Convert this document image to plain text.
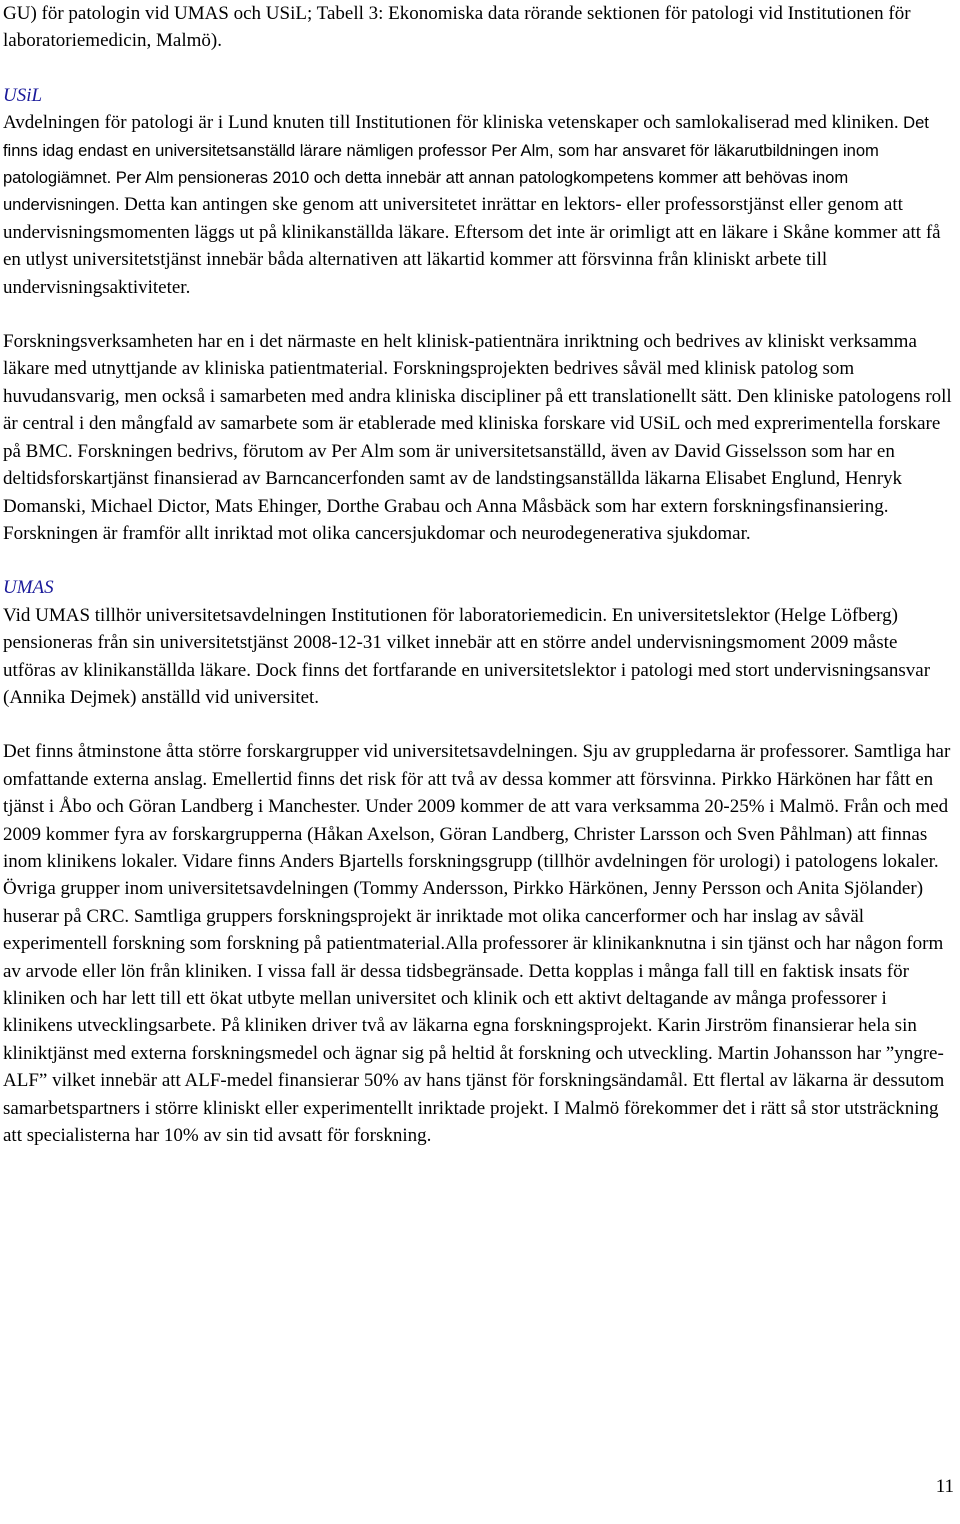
GU) för patologin vid UMAS och USiL; Tabell 3: Ekonomiska data rörande sektionen för patologi vid Institutionen för laboratoriemedicin, Malmö).

USiL

Avdelningen för patologi är i Lund knuten till Institutionen för kliniska vetenskaper och samlokaliserad med kliniken. Det finns idag endast en universitetsanställd lärare nämligen professor Per Alm, som har ansvaret för läkarutbildningen inom patologiämnet. Per Alm pensioneras 2010 och detta innebär att annan patologkompetens kommer att behövas inom undervisningen. Detta kan antingen ske genom att universitetet inrättar en lektors- eller professorstjänst eller genom att undervisningsmomenten läggs ut på klinikanställda läkare. Eftersom det inte är orimligt att en läkare i Skåne kommer att få en utlyst universitetstjänst innebär båda alternativen att läkartid kommer att försvinna från kliniskt arbete till undervisningsaktiviteter.

Forskningsverksamheten har en i det närmaste en helt klinisk-patientnära inriktning och bedrives av kliniskt verksamma läkare med utnyttjande av kliniska patientmaterial. Forskningsprojekten bedrives såväl med klinisk patolog som huvudansvarig, men också i samarbeten med andra kliniska discipliner på ett translationellt sätt. Den kliniske patologens roll är central i den mångfald av samarbete som är etablerade med kliniska forskare vid USiL och med exprerimentella forskare på BMC. Forskningen bedrivs, förutom av Per Alm som är universitetsanställd, även av David Gisselsson som har en deltidsforskartjänst finansierad av Barncancerfonden samt av de landstingsanställda läkarna Elisabet Englund, Henryk Domanski, Michael Dictor, Mats Ehinger, Dorthe Grabau och Anna Måsbäck som har extern forskningsfinansiering. Forskningen är framför allt inriktad mot olika cancersjukdomar och neurodegenerativa sjukdomar.

UMAS

Vid UMAS tillhör universitetsavdelningen Institutionen för laboratoriemedicin. En universitetslektor (Helge Löfberg) pensioneras från sin universitetstjänst 2008-12-31 vilket innebär att en större andel undervisningsmoment 2009 måste utföras av klinikanställda läkare. Dock finns det fortfarande en universitetslektor i patologi med stort undervisningsansvar (Annika Dejmek) anställd vid universitet.

Det finns åtminstone åtta större forskargrupper vid universitetsavdelningen. Sju av gruppledarna är professorer. Samtliga har omfattande externa anslag. Emellertid finns det risk för att två av dessa kommer att försvinna. Pirkko Härkönen har fått en tjänst i Åbo och Göran Landberg i Manchester. Under 2009 kommer de att vara verksamma 20-25% i Malmö. Från och med 2009 kommer fyra av forskargrupperna (Håkan Axelson, Göran Landberg, Christer Larsson och Sven Påhlman) att finnas inom klinikens lokaler. Vidare finns Anders Bjartells forskningsgrupp (tillhör avdelningen för urologi) i patologens lokaler. Övriga grupper inom universitetsavdelningen (Tommy Andersson, Pirkko Härkönen, Jenny Persson och Anita Sjölander) huserar på CRC. Samtliga gruppers forskningsprojekt är inriktade mot olika cancerformer och har inslag av såväl experimentell forskning som forskning på patientmaterial.Alla professorer är klinikanknutna i sin tjänst och har någon form av arvode eller lön från kliniken. I vissa fall är dessa tidsbegränsade. Detta kopplas i många fall till en faktisk insats för kliniken och har lett till ett ökat utbyte mellan universitet och klinik och ett aktivt deltagande av många professorer i klinikens utvecklingsarbete. På kliniken driver två av läkarna egna forskningsprojekt. Karin Jirström finansierar hela sin kliniktjänst med externa forskningsmedel och ägnar sig på heltid åt forskning och utveckling. Martin Johansson har ”yngre-ALF” vilket innebär att ALF-medel finansierar 50% av hans tjänst för forskningsändamål. Ett flertal av läkarna är dessutom samarbetspartners i större kliniskt eller experimentellt inriktade projekt. I Malmö förekommer det i rätt så stor utsträckning att specialisterna har 10% av sin tid avsatt för forskning.

11
